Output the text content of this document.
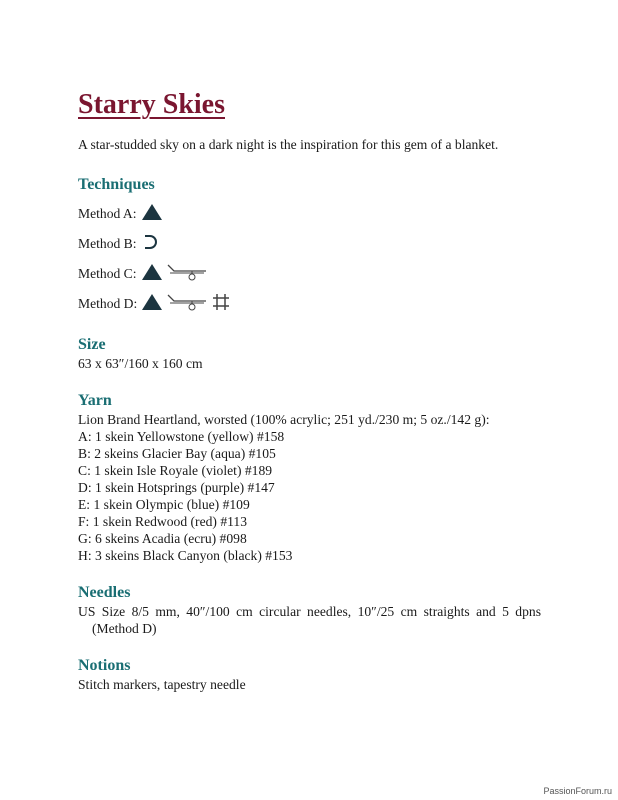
Starry Skies

A star-studded sky on a dark night is the inspiration for this gem of a blanket.

Techniques
Method A:
Method B:
Method C:
Method D:
Size

63 x 63″/160 x 160 cm

Yarn

Lion Brand Heartland, worsted (100% acrylic; 251 yd./230 m; 5 oz./142 g):

A: 1 skein Yellowstone (yellow) #158
B: 2 skeins Glacier Bay (aqua) #105
C: 1 skein Isle Royale (violet) #189
D: 1 skein Hotsprings (purple) #147
E: 1 skein Olympic (blue) #109
F: 1 skein Redwood (red) #113
G: 6 skeins Acadia (ecru) #098
H: 3 skeins Black Canyon (black) #153
Needles

US Size 8/5 mm, 40″/100 cm circular needles, 10″/25 cm straights and 5 dpns (Method D)

Notions

Stitch markers, tapestry needle

PassionForum.ru
